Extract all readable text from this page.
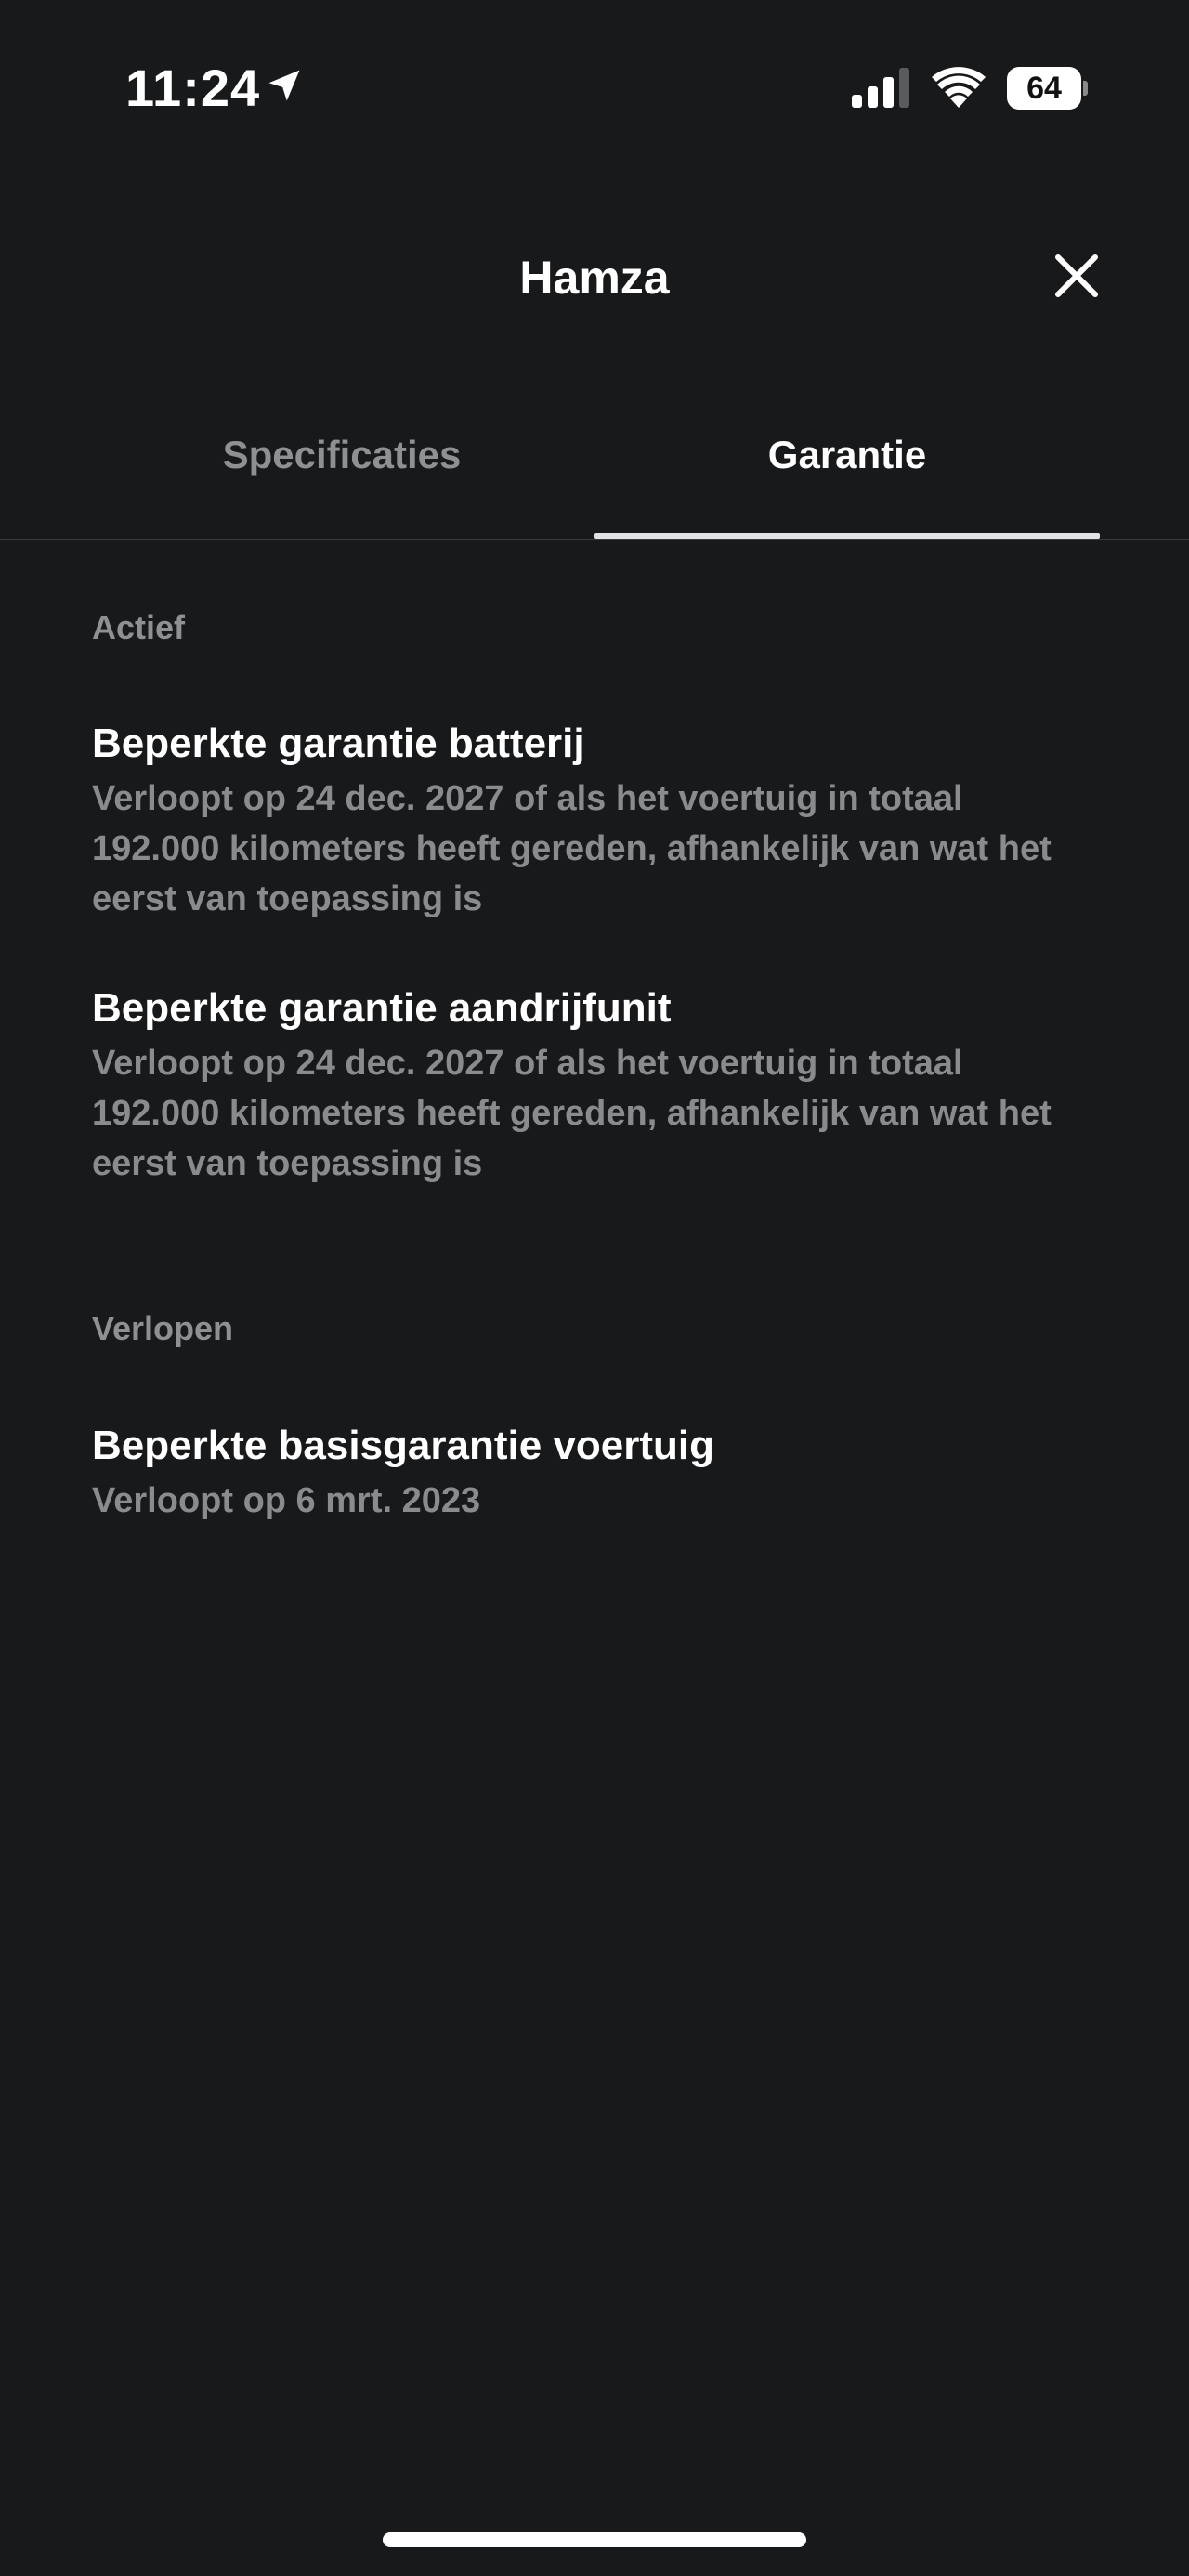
11:24	64
Hamza
Specificaties	Garantie
Actief
Beperkte garantie batterij
Verloopt op 24 dec. 2027 of als het voertuig in totaal
192.000 kilometers heeft gereden, afhankelijk van wat het
eerst van toepassing is
Beperkte garantie aandrijfunit
Verloopt op 24 dec. 2027 of als het voertuig in totaal
192.000 kilometers heeft gereden, afhankelijk van wat het
eerst van toepassing is
Verlopen
Beperkte basisgarantie voertuig
Verloopt op 6 mrt. 2023
